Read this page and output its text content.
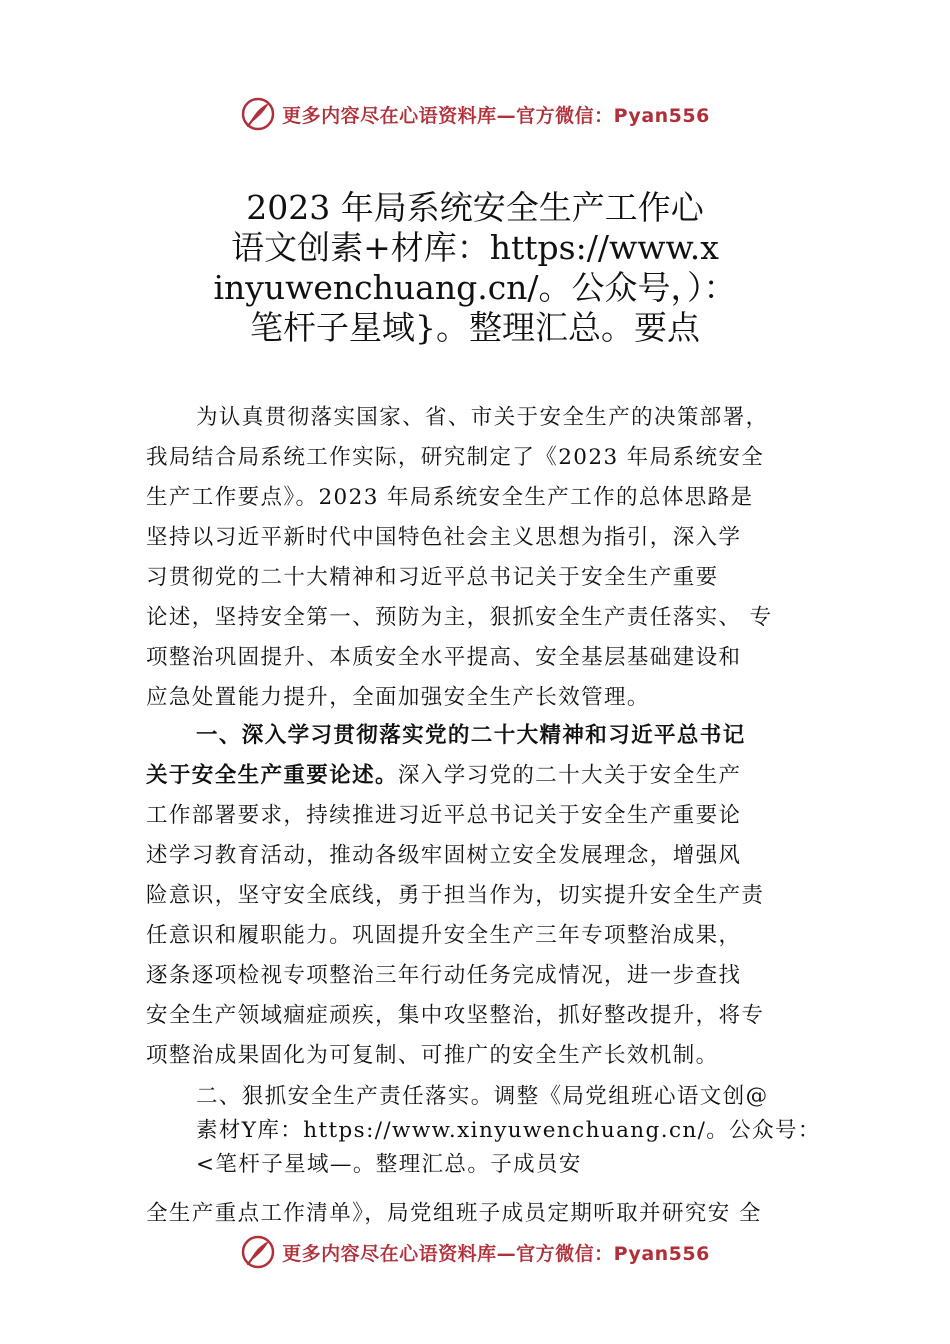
更多内容尽在心语资料库—官方微信：Pyan556
2023 年局系统安全生产工作心
语文创素+材库：https://www.x
inyuwenchuang.cn/。公众号，）：
笔杆子星域}。整理汇总。要点
为认真贯彻落实国家、省、市关于安全生产的决策部署，
我局结合局系统工作实际，研究制定了《2023 年局系统安全
生产工作要点》。2023 年局系统安全生产工作的总体思路是
坚持以习近平新时代中国特色社会主义思想为指引，深入学
习贯彻党的二十大精神和习近平总书记关于安全生产重要
论述，坚持安全第一、预防为主，狠抓安全生产责任落实、 专
项整治巩固提升、本质安全水平提高、安全基层基础建设和
应急处置能力提升，全面加强安全生产长效管理。
一、深入学习贯彻落实党的二十大精神和习近平总书记
关于安全生产重要论述。深入学习党的二十大关于安全生产
工作部署要求，持续推进习近平总书记关于安全生产重要论
述学习教育活动，推动各级牢固树立安全发展理念，增强风
险意识，坚守安全底线，勇于担当作为，切实提升安全生产责
任意识和履职能力。巩固提升安全生产三年专项整治成果，
逐条逐项检视专项整治三年行动任务完成情况，进一步查找
安全生产领域痼症顽疾，集中攻坚整治，抓好整改提升，将专
项整治成果固化为可复制、可推广的安全生产长效机制。
二、狠抓安全生产责任落实。调整《局党组班心语文创@
素材Y库：https://www.xinyuwenchuang.cn/。公众号：
<笔杆子星域—。整理汇总。子成员安
全生产重点工作清单》，局党组班子成员定期听取并研究安 全
更多内容尽在心语资料库—官方微信：Pyan556
